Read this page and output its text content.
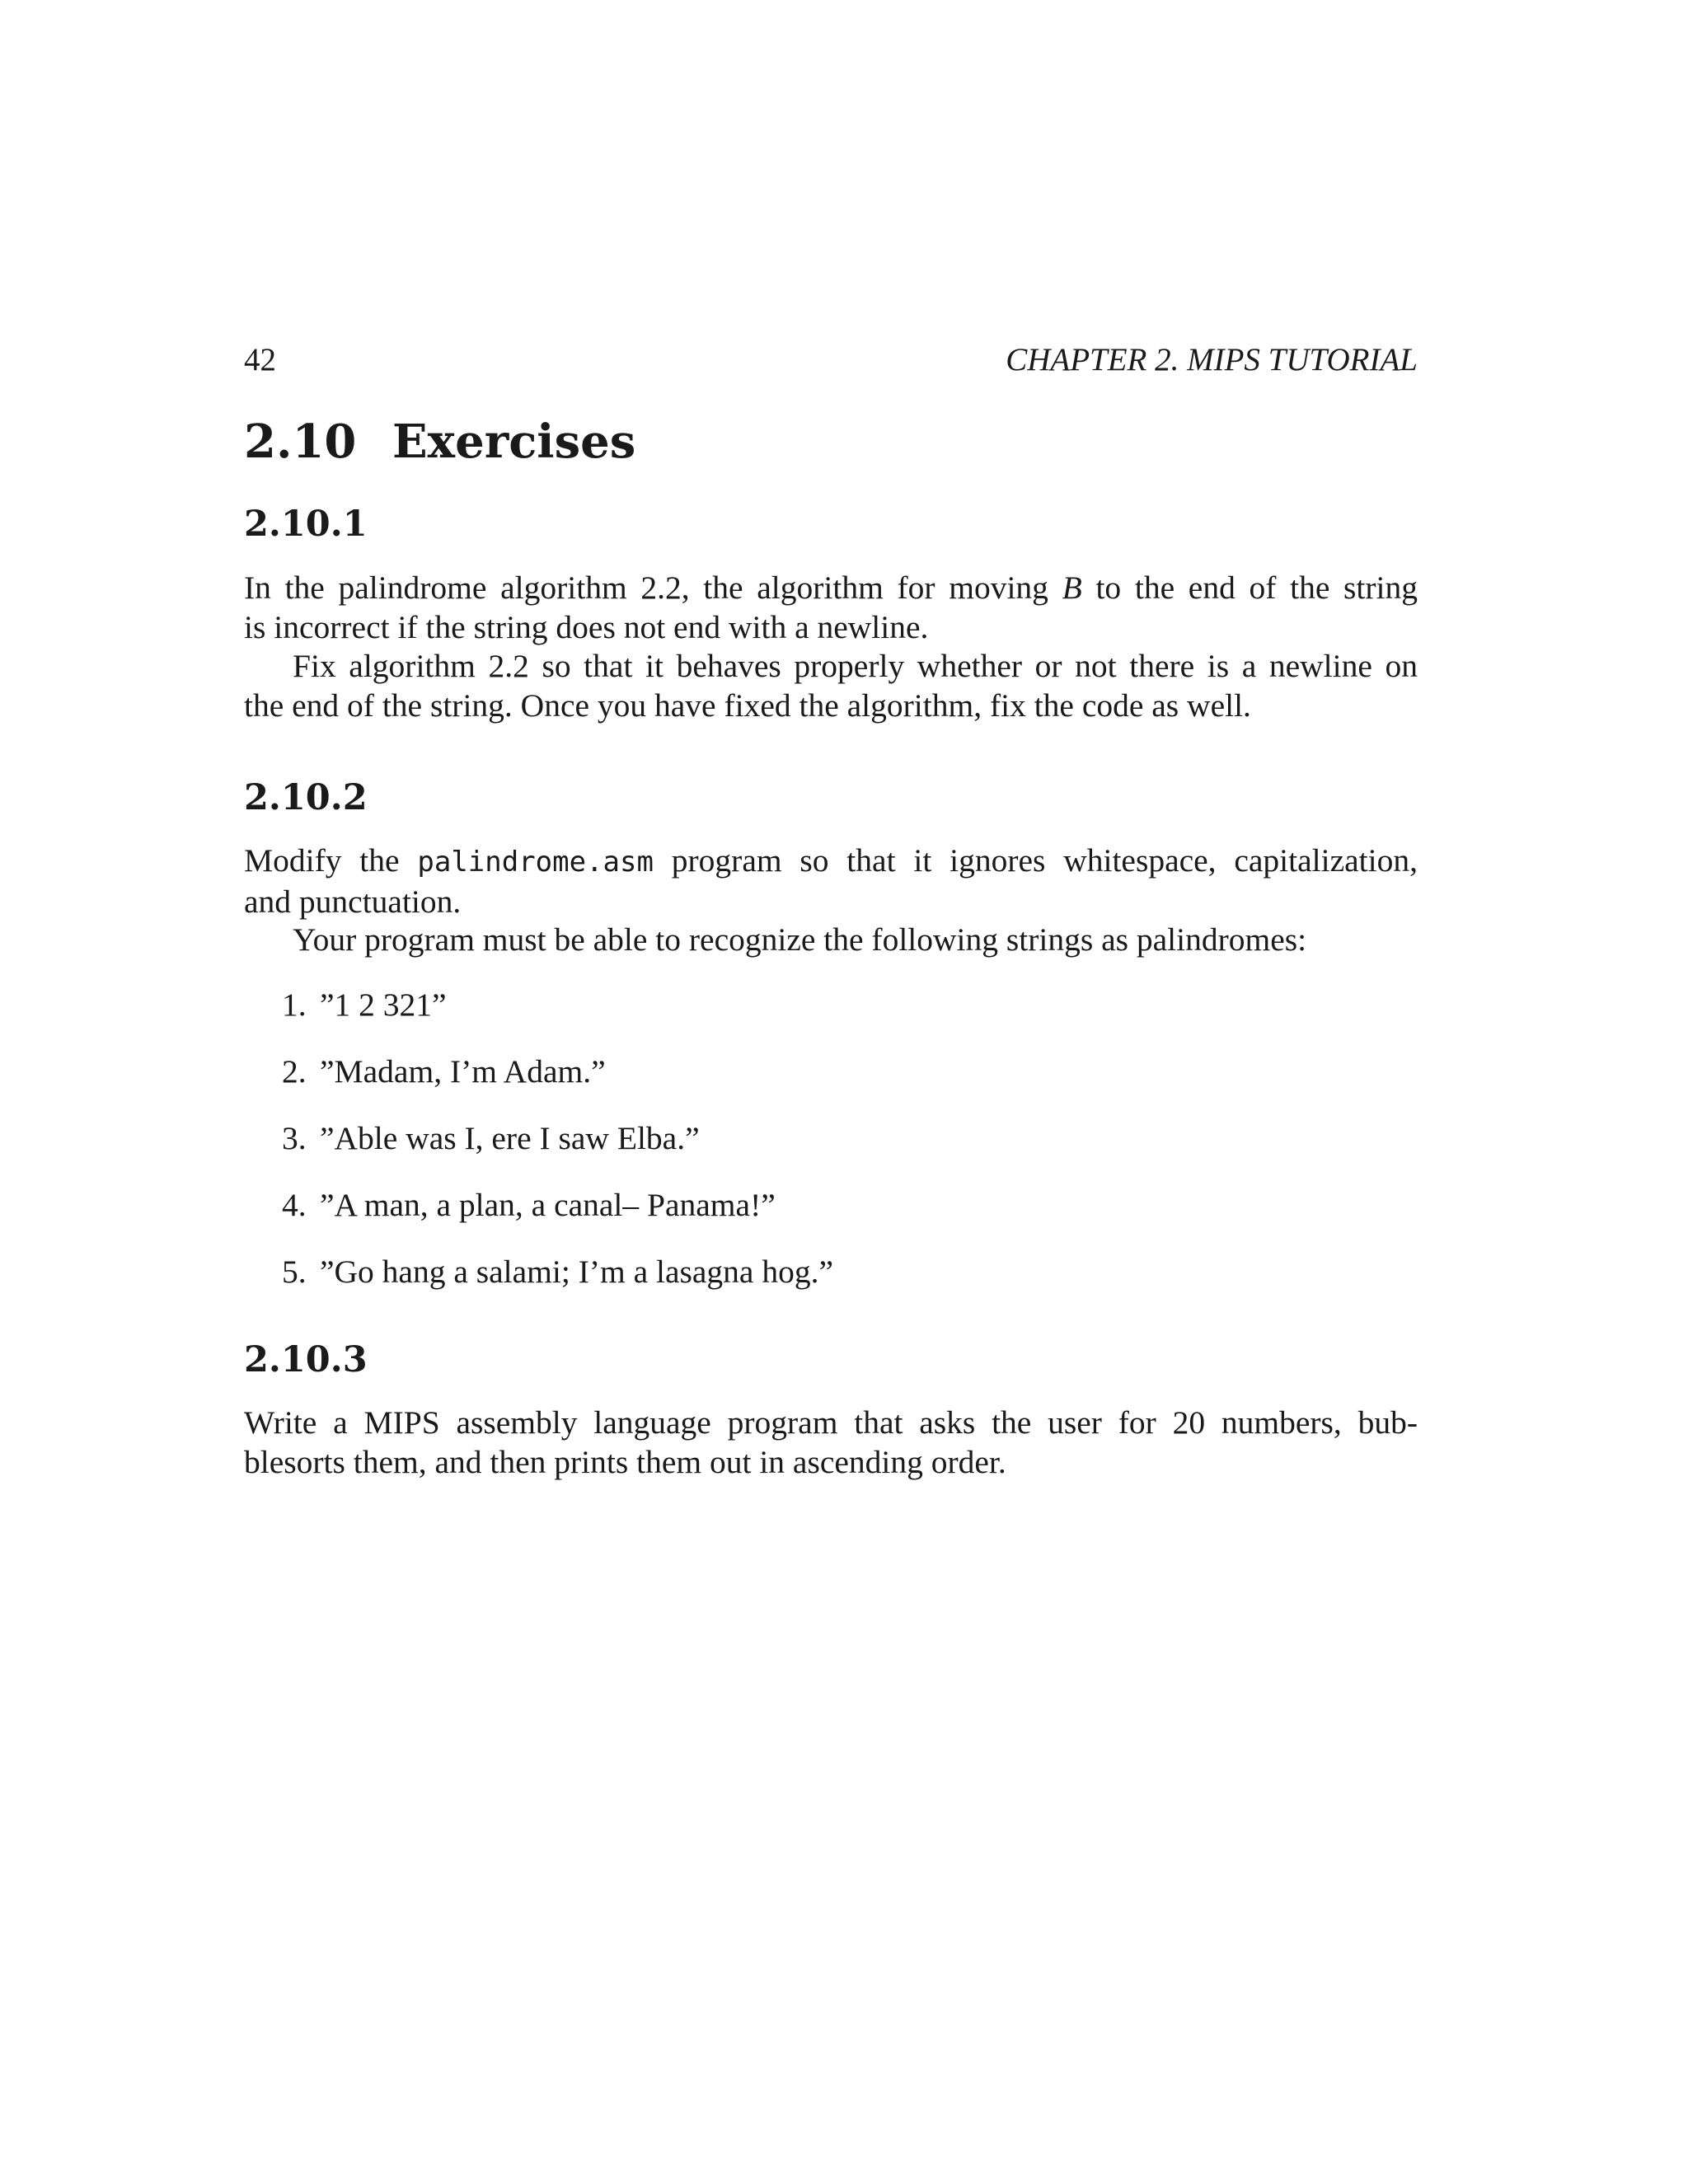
42	CHAPTER 2. MIPS TUTORIAL
2.10 Exercises
2.10.1

In the palindrome algorithm 2.2, the algorithm for moving B to the end of the string
is incorrect if the string does not end with a newline.

Fix algorithm 2.2 so that it behaves properly whether or not there is a newline on
the end of the string. Once you have fixed the algorithm, fix the code as well.

2.10.2

Modify the palindrome.asm program so that it ignores whitespace, capitalization,
and punctuation.

Your program must be able to recognize the following strings as palindromes:

1. ”1 2 321”
2. ”Madam, I’m Adam.”
3. ”Able was I, ere I saw Elba.”
4. ”A man, a plan, a canal– Panama!”
5. ”Go hang a salami; I’m a lasagna hog.”
2.10.3

Write a MIPS assembly language program that asks the user for 20 numbers, bub-
blesorts them, and then prints them out in ascending order.
